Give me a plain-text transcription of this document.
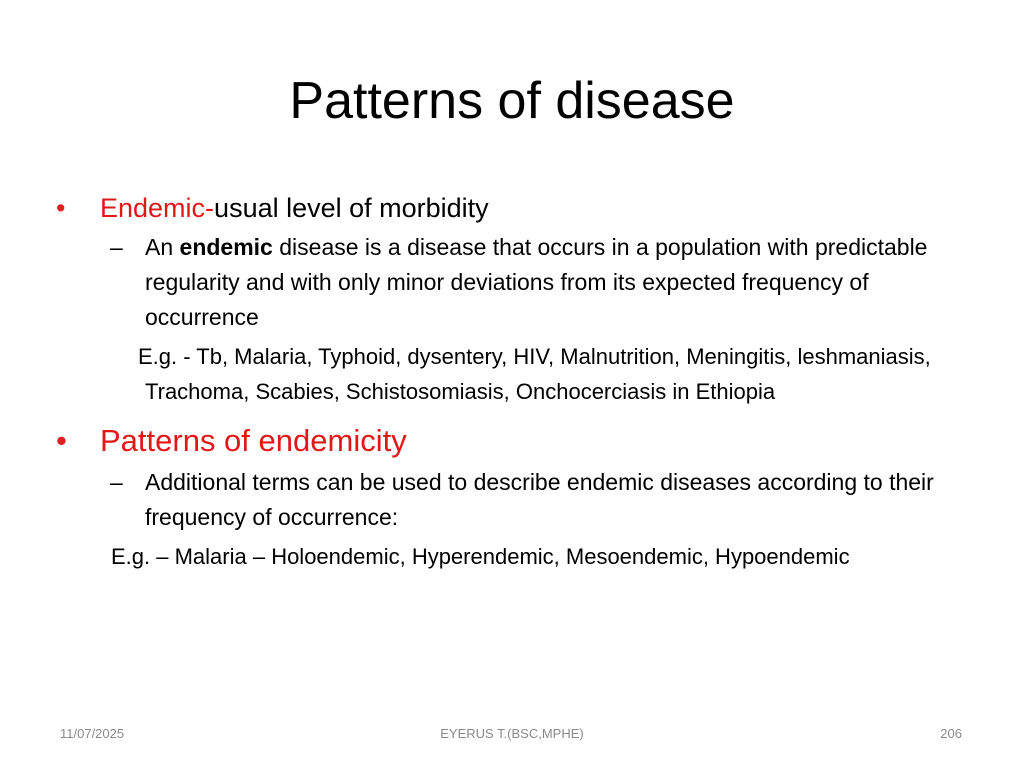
Patterns of disease

• Endemic-usual level of morbidity

– An endemic disease is a disease that occurs in a population with predictable regularity and with only minor deviations from its expected frequency of occurrence

E.g. - Tb, Malaria, Typhoid, dysentery, HIV, Malnutrition, Meningitis, leshmaniasis, Trachoma, Scabies, Schistosomiasis, Onchocerciasis in Ethiopia

• Patterns of endemicity

– Additional terms can be used to describe endemic diseases according to their frequency of occurrence:

E.g. – Malaria – Holoendemic, Hyperendemic, Mesoendemic, Hypoendemic

11/07/2025	EYERUS T.(BSC,MPHE)	206
